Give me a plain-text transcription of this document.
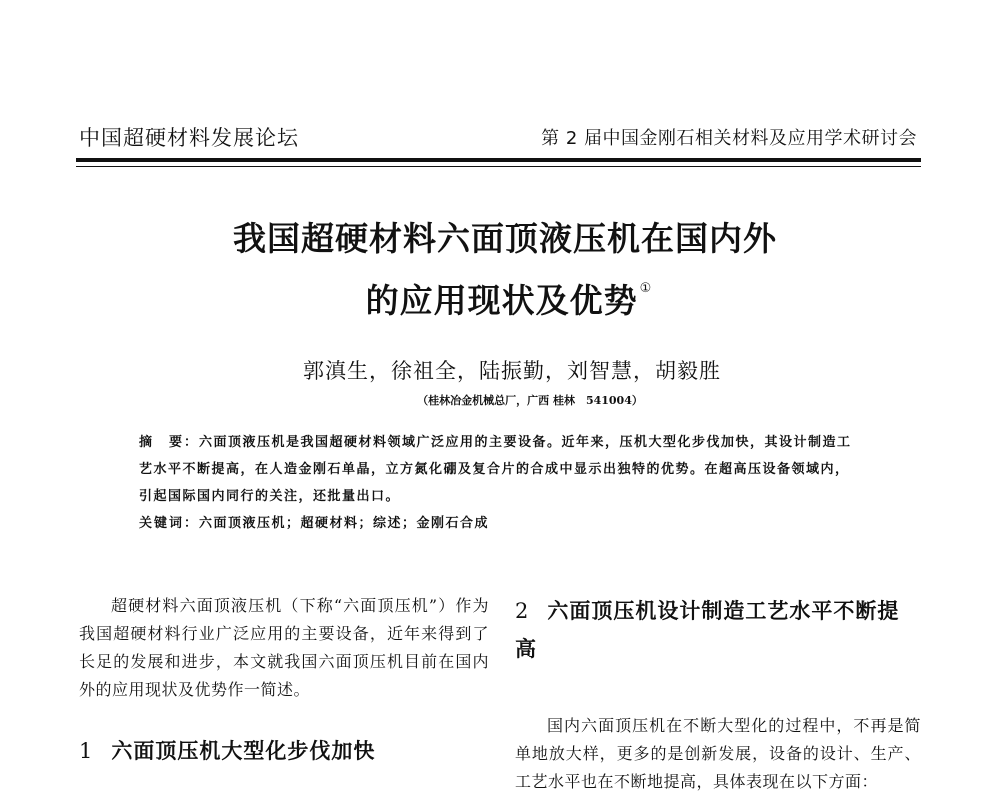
中国超硬材料发展论坛	第 2 届中国金刚石相关材料及应用学术研讨会
我国超硬材料六面顶液压机在国内外
的应用现状及优势 ①
郭滇生，徐祖全，陆振勤，刘智慧，胡毅胜
（桂林冶金机械总厂，广西 桂林　541004）
摘　要：六面顶液压机是我国超硬材料领域广泛应用的主要设备。近年来，压机大型化步伐加快，其设计制造工艺水平不断提高，在人造金刚石单晶，立方氮化硼及复合片的合成中显示出独特的优势。在超高压设备领域内，引起国际国内同行的关注，还批量出口。
关键词：六面顶液压机；超硬材料；综述；金刚石合成

超硬材料六面顶液压机（下称“六面顶压机”）作为我国超硬材料行业广泛应用的主要设备，近年来得到了长足的发展和进步，本文就我国六面顶压机目前在国内外的应用现状及优势作一简述。

1 六面顶压机大型化步伐加快
2 六面顶压机设计制造工艺水平不断提高

国内六面顶压机在不断大型化的过程中，不再是简单地放大样，更多的是创新发展，设备的设计、生产、工艺水平也在不断地提高，具体表现在以下方面：
